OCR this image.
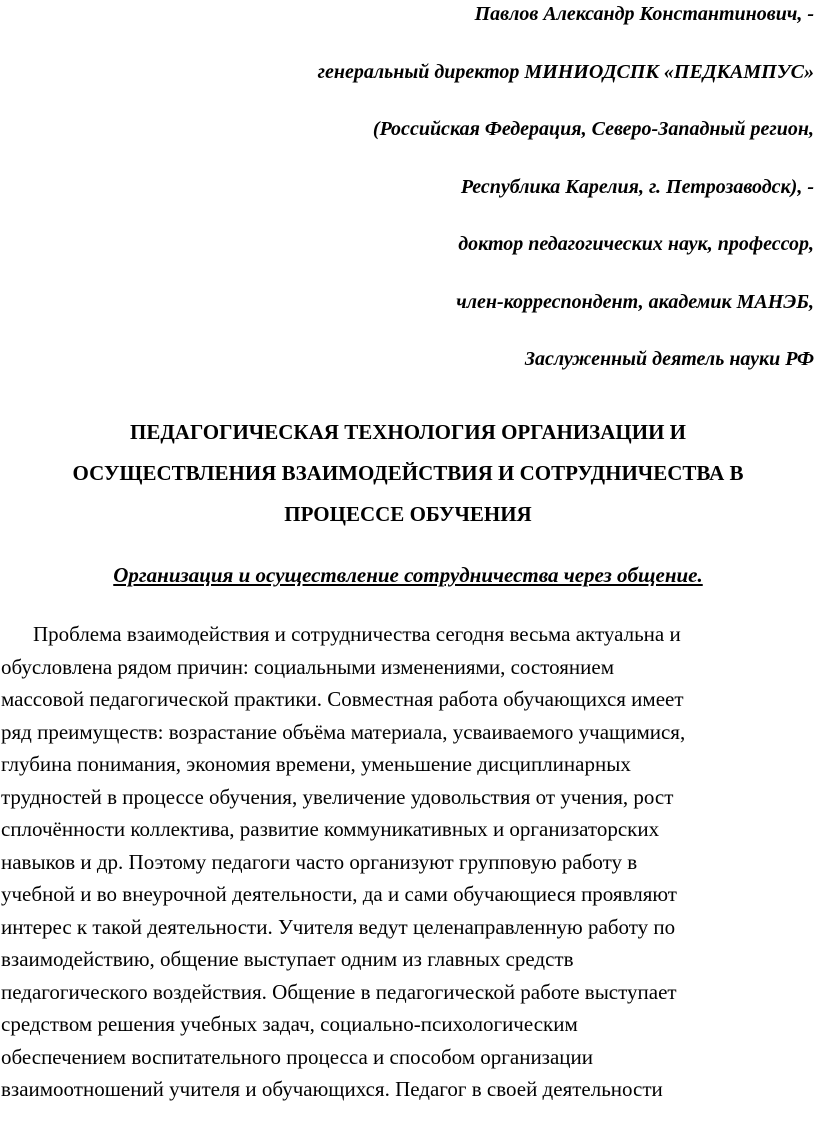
Павлов Александр Константинович, -
генеральный директор МИНИОДСПК «ПЕДКАМПУС»
(Российская Федерация, Северо-Западный регион,
Республика Карелия, г. Петрозаводск), -
доктор педагогических наук, профессор,
член-корреспондент, академик МАНЭБ,
Заслуженный деятель науки РФ
ПЕДАГОГИЧЕСКАЯ ТЕХНОЛОГИЯ ОРГАНИЗАЦИИ И
ОСУЩЕСТВЛЕНИЯ ВЗАИМОДЕЙСТВИЯ И СОТРУДНИЧЕСТВА В
ПРОЦЕССЕ ОБУЧЕНИЯ
Организация и осуществление сотрудничества через общение.
Проблема взаимодействия и сотрудничества сегодня весьма актуальна и
обусловлена рядом причин: социальными изменениями, состоянием
массовой педагогической практики. Совместная работа обучающихся имеет
ряд преимуществ: возрастание объёма материала, усваиваемого учащимися,
глубина понимания, экономия времени, уменьшение дисциплинарных
трудностей в процессе обучения, увеличение удовольствия от учения, рост
сплочённости коллектива, развитие коммуникативных и организаторских
навыков и др. Поэтому педагоги часто организуют групповую работу в
учебной и во внеурочной деятельности, да и сами обучающиеся проявляют
интерес к такой деятельности. Учителя ведут целенаправленную работу по
взаимодействию, общение выступает одним из главных средств
педагогического воздействия. Общение в педагогической работе выступает
средством решения учебных задач, социально-психологическим
обеспечением воспитательного процесса и способом организации
взаимоотношений учителя и обучающихся. Педагог в своей деятельности
